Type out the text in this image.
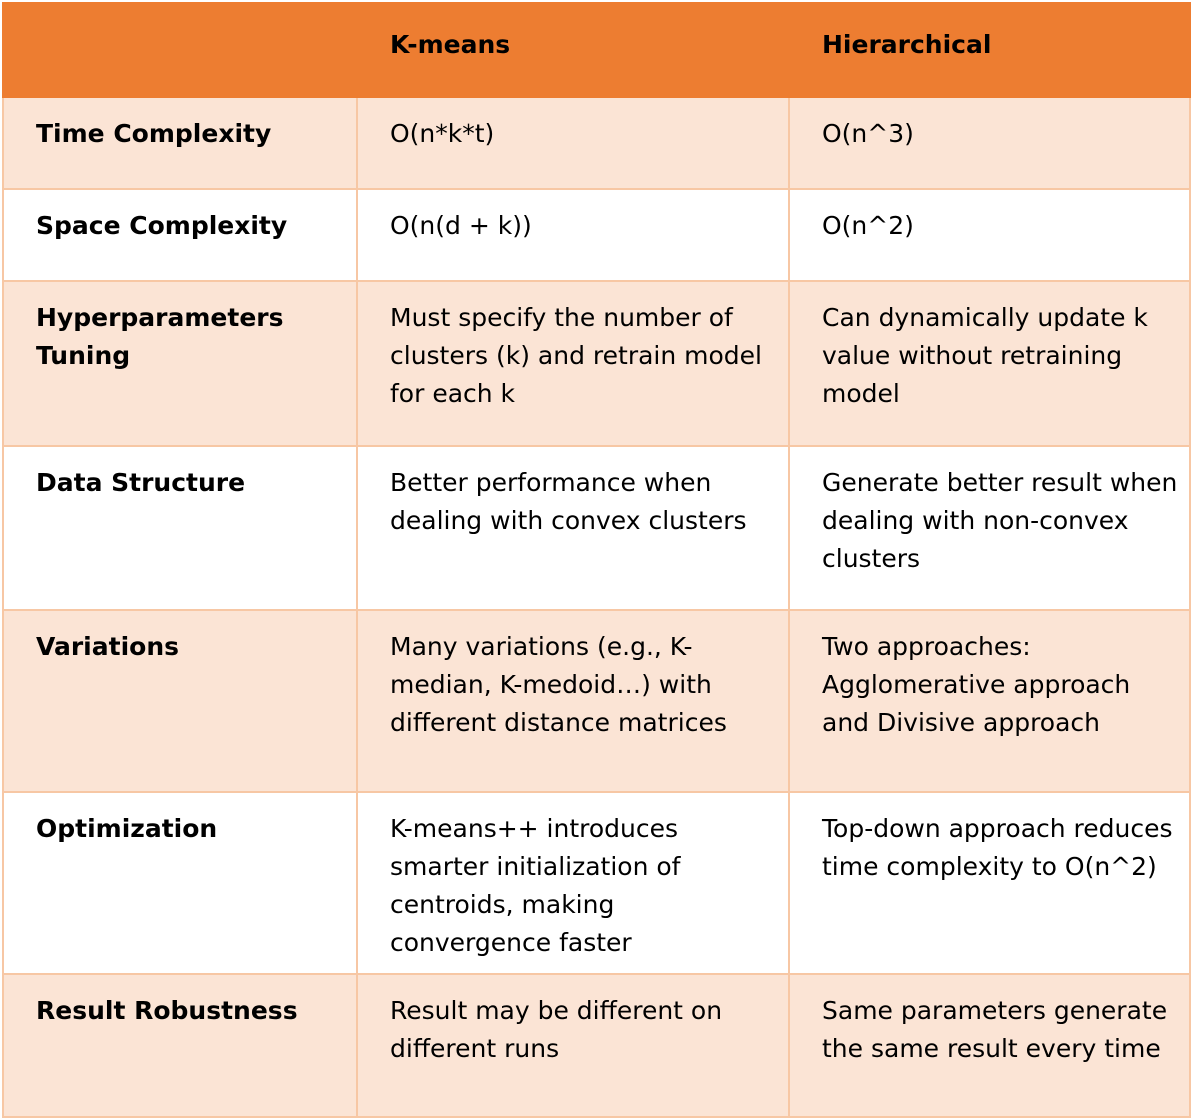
	K-means	Hierarchical
Time Complexity	O(n*k*t)	O(n^3)
Space Complexity	O(n(d + k))	O(n^2)
Hyperparameters Tuning	Must specify the number of clusters (k) and retrain model for each k	Can dynamically update k value without retraining model
Data Structure	Better performance when dealing with convex clusters	Generate better result when dealing with non-convex clusters
Variations	Many variations (e.g., K-median, K-medoid…) with different distance matrices	Two approaches: Agglomerative approach and Divisive approach
Optimization	K-means++ introduces smarter initialization of centroids, making convergence faster	Top-down approach reduces time complexity to O(n^2)
Result Robustness	Result may be different on different runs	Same parameters generate the same result every time
